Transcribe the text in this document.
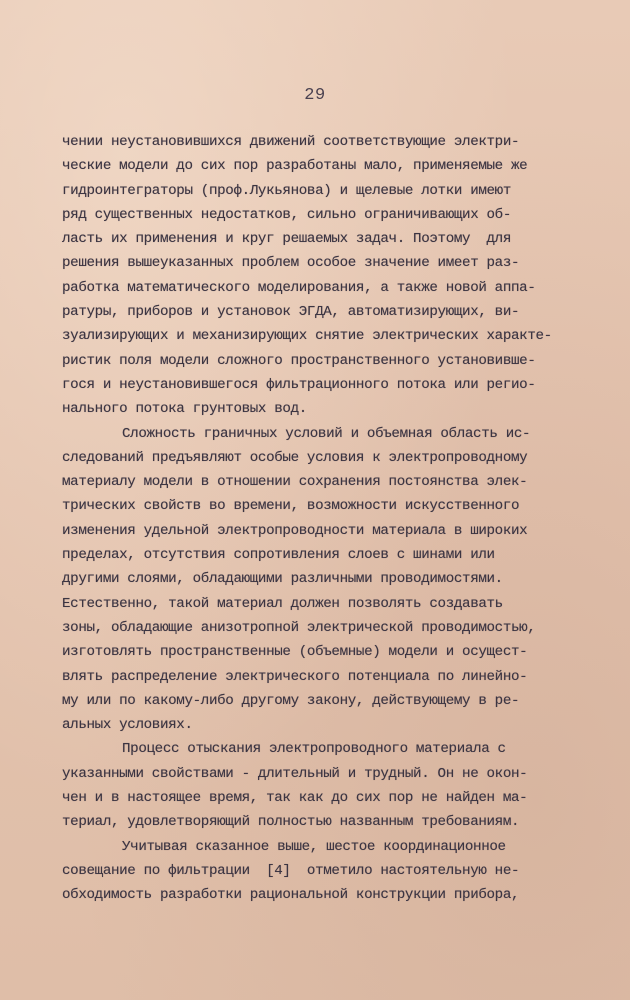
29
чении неустановившихся движений соответствующие электри-
ческие модели до сих пор разработаны мало, применяемые же
гидроинтеграторы (проф.Лукьянова) и щелевые лотки имеют
ряд существенных недостатков, сильно ограничивающих об-
ласть их применения и круг решаемых задач. Поэтому  для
решения вышеуказанных проблем особое значение имеет раз-
работка математического моделирования, а также новой аппа-
ратуры, приборов и установок ЭГДА, автоматизирующих, ви-
зуализирующих и механизирующих снятие электрических характе-
ристик поля модели сложного пространственного установивше-
гося и неустановившегося фильтрационного потока или регио-
нального потока грунтовых вод.
Сложность граничных условий и объемная область ис-
следований предъявляют особые условия к электропроводному
материалу модели в отношении сохранения постоянства элек-
трических свойств во времени, возможности искусственного
изменения удельной электропроводности материала в широких
пределах, отсутствия сопротивления слоев с шинами или
другими слоями, обладающими различными проводимостями.
Естественно, такой материал должен позволять создавать
зоны, обладающие анизотропной электрической проводимостью,
изготовлять пространственные (объемные) модели и осущест-
влять распределение электрического потенциала по линейно-
му или по какому-либо другому закону, действующему в ре-
альных условиях.
Процесс отыскания электропроводного материала с
указанными свойствами - длительный и трудный. Он не окон-
чен и в настоящее время, так как до сих пор не найден ма-
териал, удовлетворяющий полностью названным требованиям.
Учитывая сказанное выше, шестое координационное
совещание по фильтрации  [4]  отметило настоятельную не-
обходимость разработки рациональной конструкции прибора,
